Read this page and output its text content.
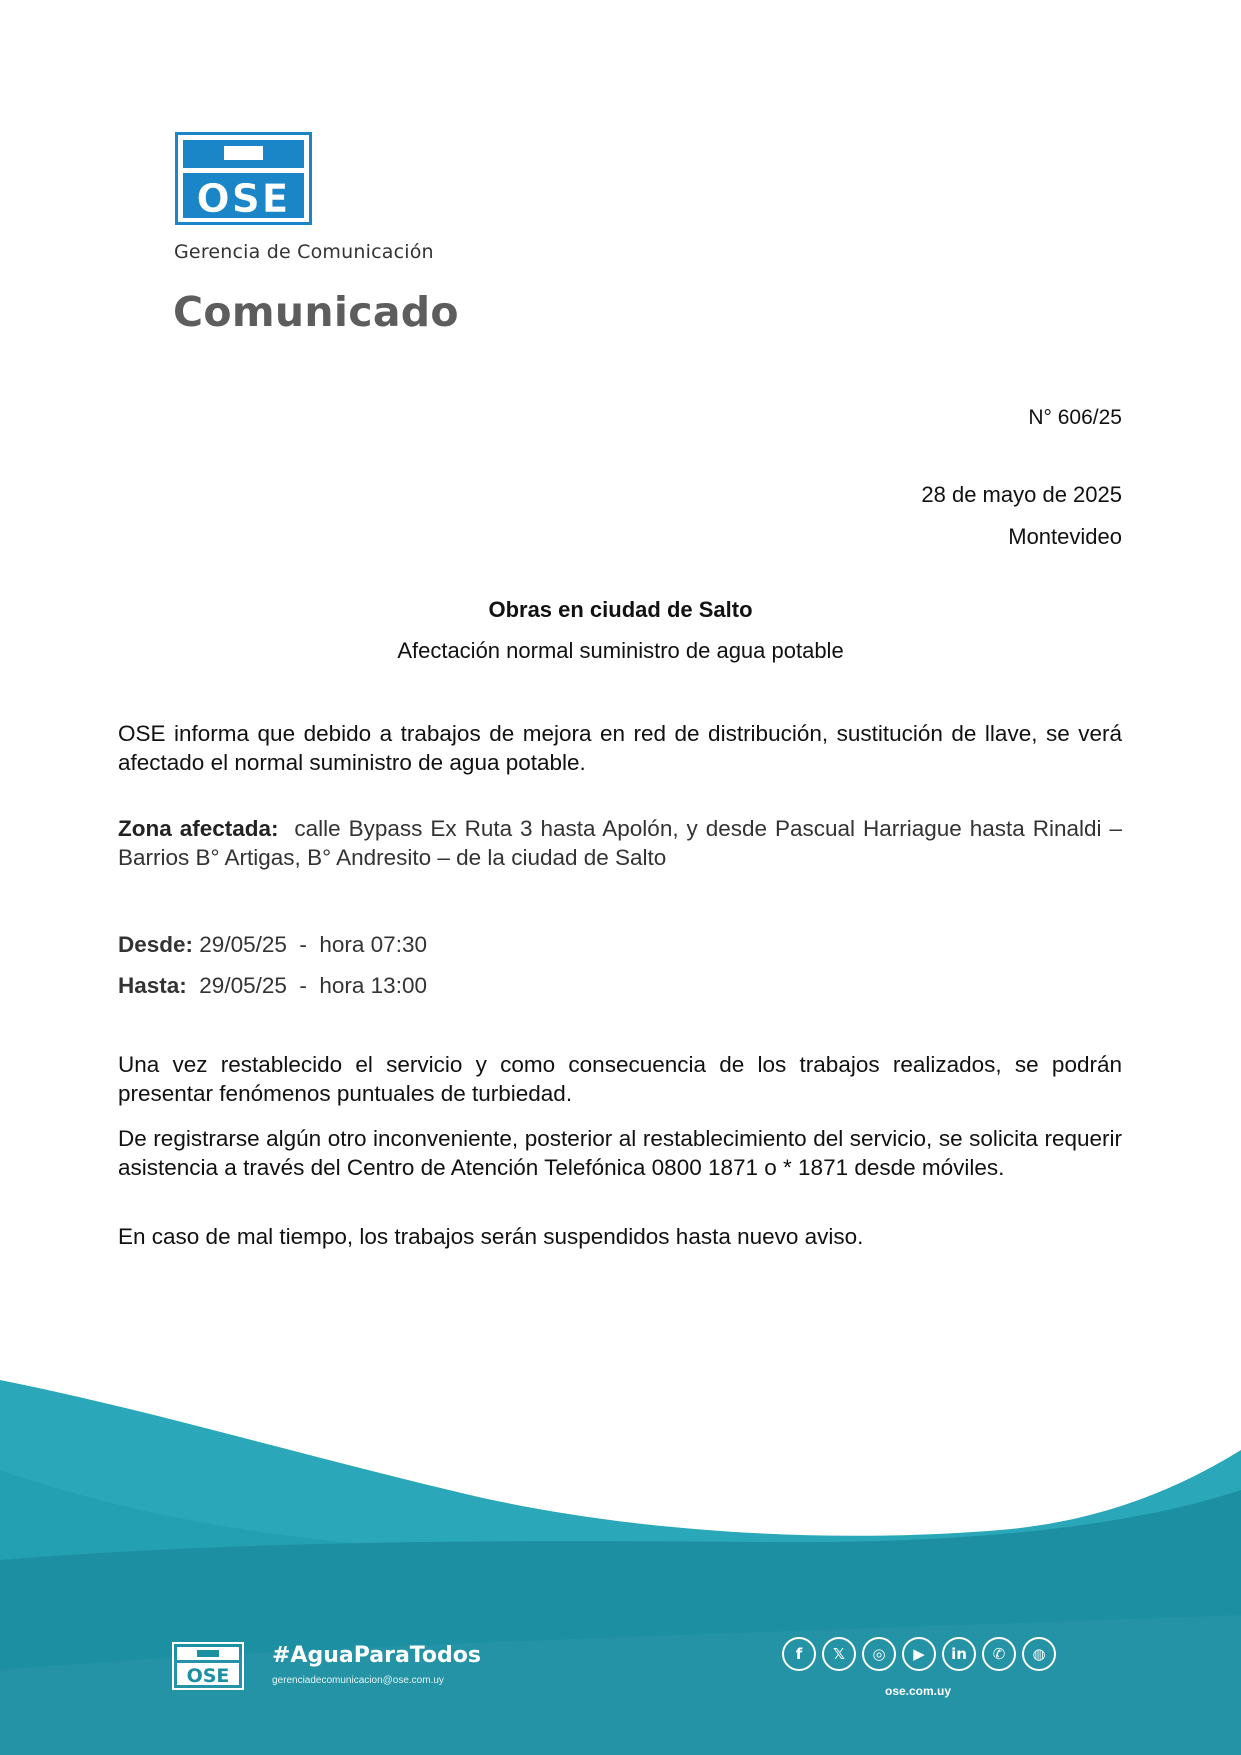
OSE
Gerencia de Comunicación
Comunicado
N° 606/25
28 de mayo de 2025
Montevideo
Obras en ciudad de Salto
Afectación normal suministro de agua potable
OSE informa que debido a trabajos de mejora en red de distribución, sustitución de llave, se verá afectado el normal suministro de agua potable.
Zona afectada: calle Bypass Ex Ruta 3 hasta Apolón, y desde Pascual Harriague hasta Rinaldi – Barrios B° Artigas, B° Andresito – de la ciudad de Salto
Desde: 29/05/25  -  hora 07:30
Hasta: 29/05/25  -  hora 13:00
Una vez restablecido el servicio y como consecuencia de los trabajos realizados, se podrán presentar fenómenos puntuales de turbiedad.
De registrarse algún otro inconveniente, posterior al restablecimiento del servicio, se solicita requerir asistencia a través del Centro de Atención Telefónica 0800 1871 o * 1871 desde móviles.
En caso de mal tiempo, los trabajos serán suspendidos hasta nuevo aviso.
OSE
#AguaParaTodos
gerenciadecomunicacion@ose.com.uy
f	𝕏	◎	▶	in	✆	◍
ose.com.uy
